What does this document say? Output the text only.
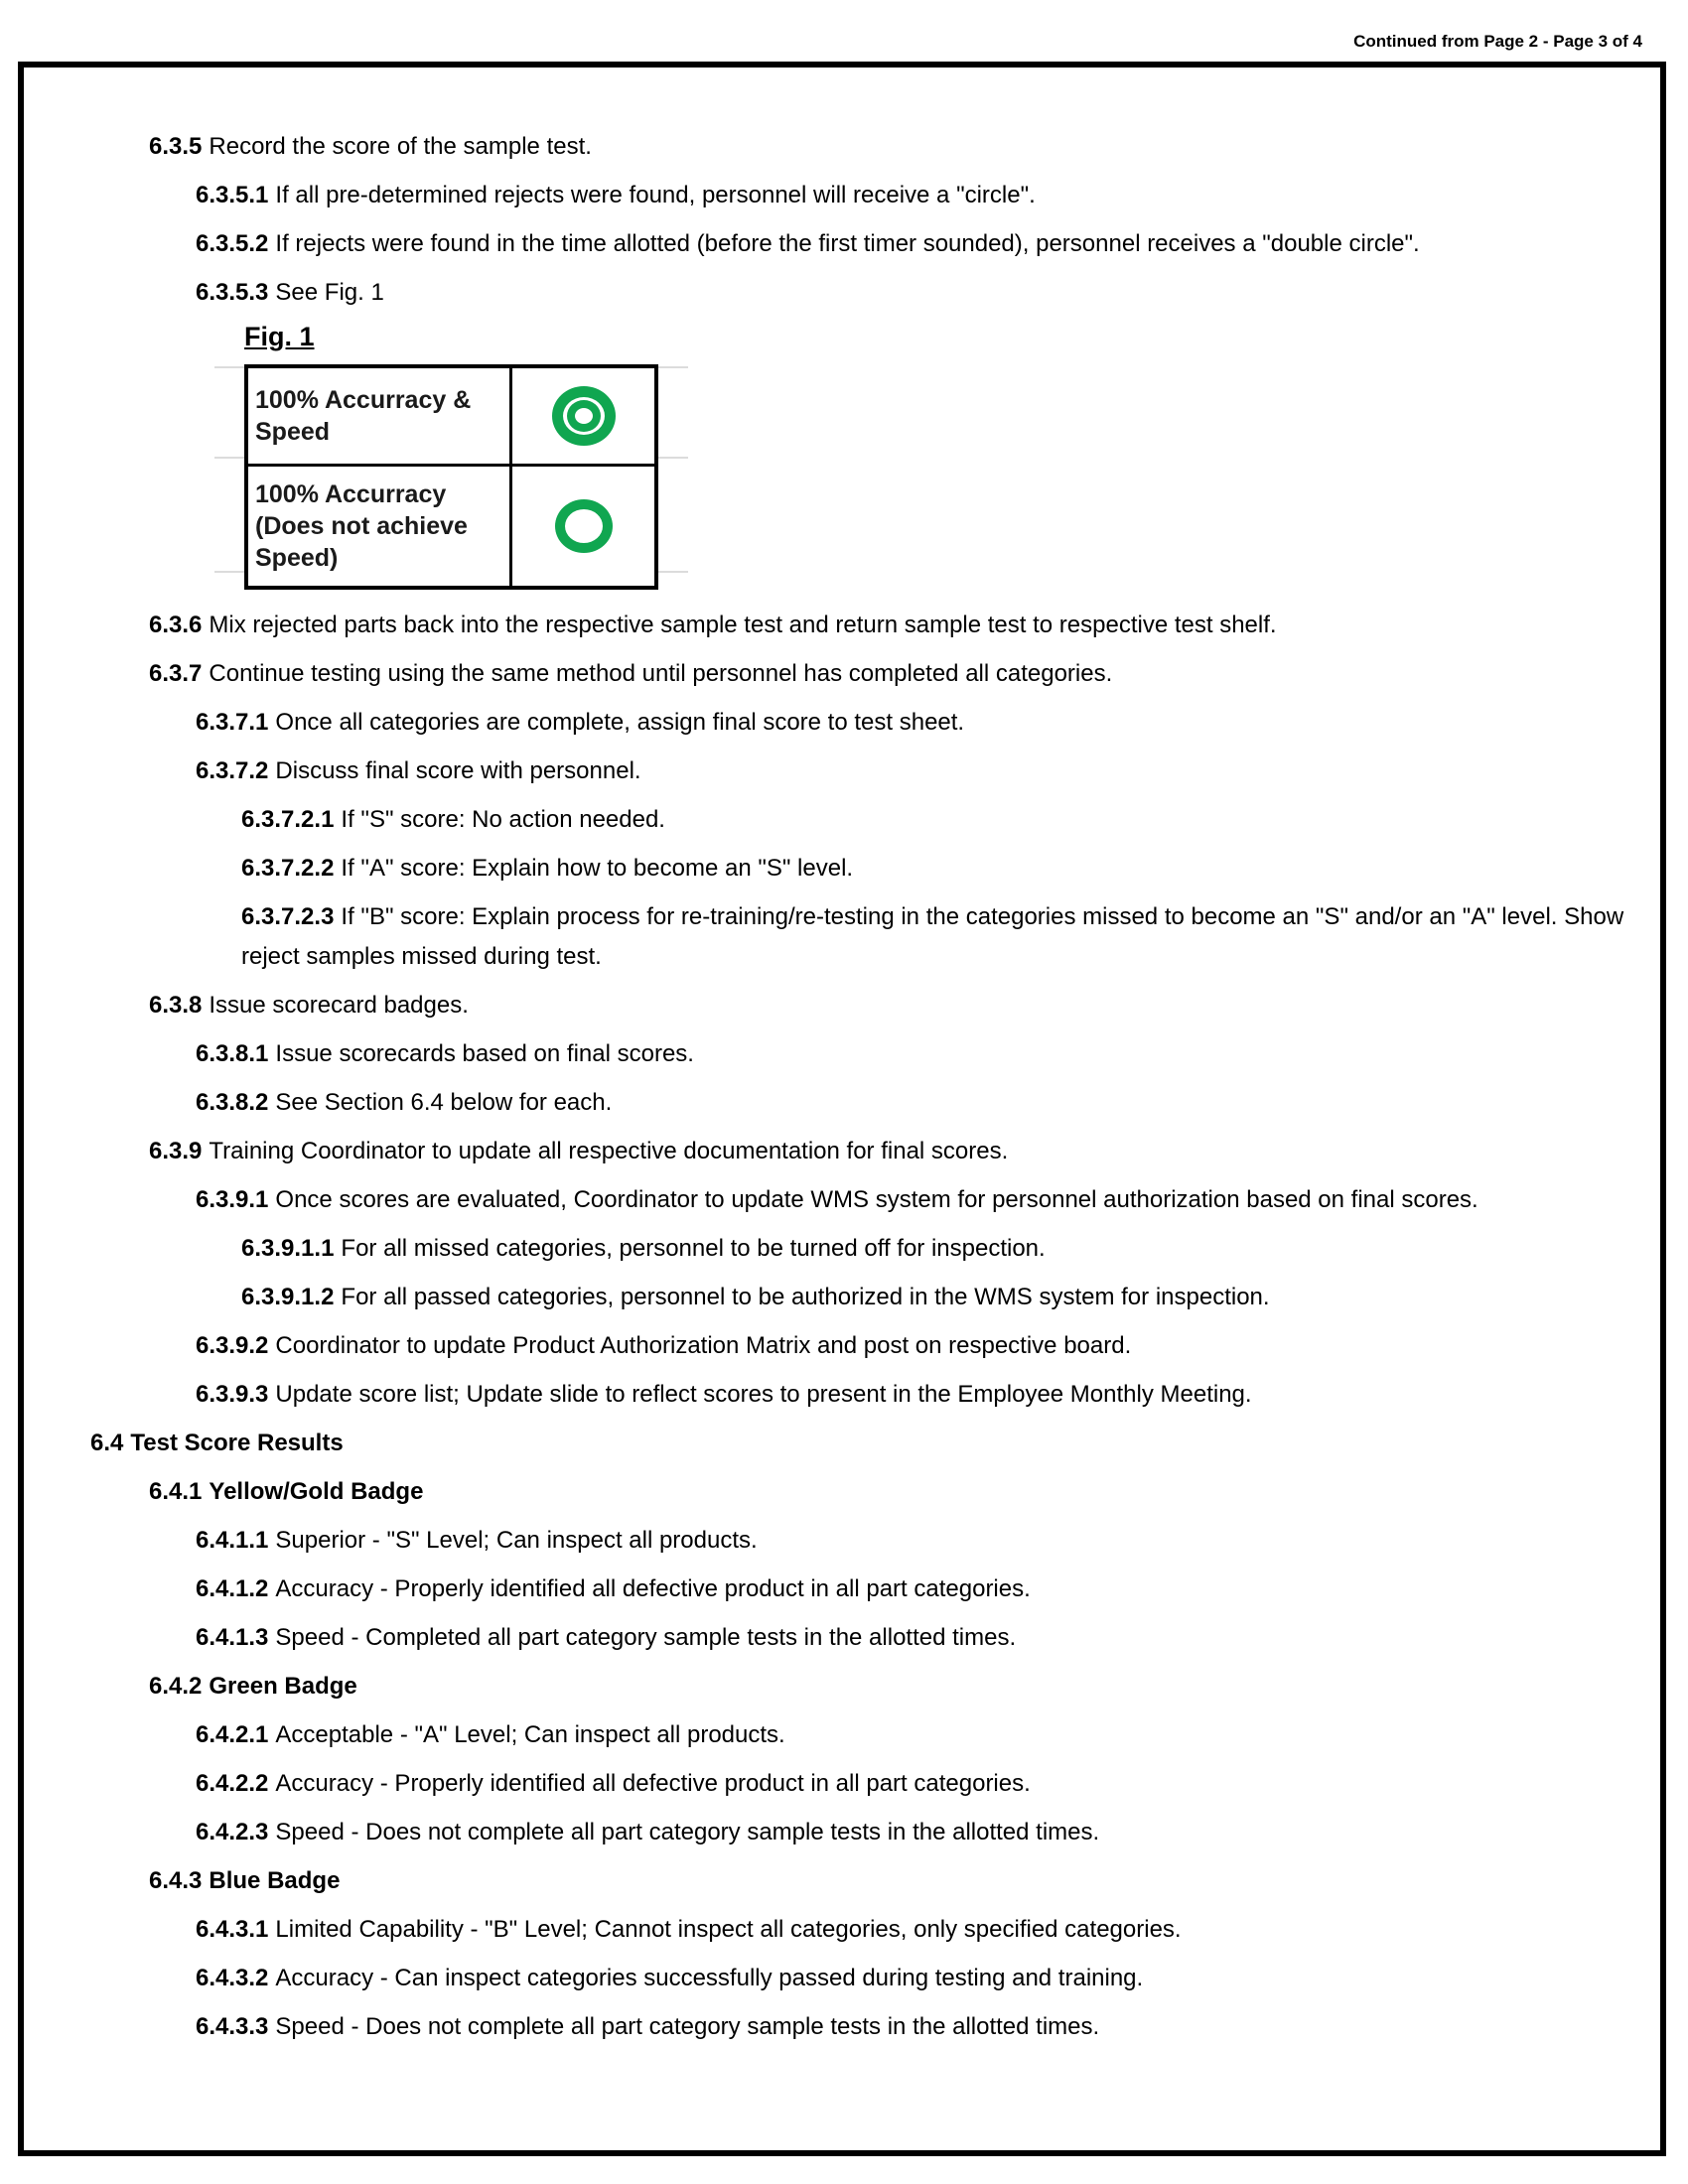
Continued from Page 2 - Page 3 of 4

6.3.5 Record the score of the sample test.

6.3.5.1 If all pre-determined rejects were found, personnel will receive a "circle".

6.3.5.2 If rejects were found in the time allotted (before the first timer sounded), personnel receives a "double circle".

6.3.5.3 See Fig. 1

Fig. 1
100% Accurracy & Speed	

100% Accurracy (Does not achieve Speed)	

6.3.6 Mix rejected parts back into the respective sample test and return sample test to respective test shelf.

6.3.7 Continue testing using the same method until personnel has completed all categories.

6.3.7.1 Once all categories are complete, assign final score to test sheet.

6.3.7.2 Discuss final score with personnel.

6.3.7.2.1 If "S" score: No action needed.

6.3.7.2.2 If "A" score: Explain how to become an "S" level.

6.3.7.2.3 If "B" score: Explain process for re-training/re-testing in the categories missed to become an "S" and/or an "A" level. Show reject samples missed during test.

6.3.8 Issue scorecard badges.

6.3.8.1 Issue scorecards based on final scores.

6.3.8.2 See Section 6.4 below for each.

6.3.9 Training Coordinator to update all respective documentation for final scores.

6.3.9.1 Once scores are evaluated, Coordinator to update WMS system for personnel authorization based on final scores.

6.3.9.1.1 For all missed categories, personnel to be turned off for inspection.

6.3.9.1.2 For all passed categories, personnel to be authorized in the WMS system for inspection.

6.3.9.2 Coordinator to update Product Authorization Matrix and post on respective board.

6.3.9.3 Update score list; Update slide to reflect scores to present in the Employee Monthly Meeting.

6.4 Test Score Results

6.4.1 Yellow/Gold Badge

6.4.1.1 Superior - "S" Level; Can inspect all products.

6.4.1.2 Accuracy - Properly identified all defective product in all part categories.

6.4.1.3 Speed - Completed all part category sample tests in the allotted times.

6.4.2 Green Badge

6.4.2.1 Acceptable - "A" Level; Can inspect all products.

6.4.2.2 Accuracy - Properly identified all defective product in all part categories.

6.4.2.3 Speed - Does not complete all part category sample tests in the allotted times.

6.4.3 Blue Badge

6.4.3.1 Limited Capability - "B" Level; Cannot inspect all categories, only specified categories.

6.4.3.2 Accuracy - Can inspect categories successfully passed during testing and training.

6.4.3.3 Speed - Does not complete all part category sample tests in the allotted times.
